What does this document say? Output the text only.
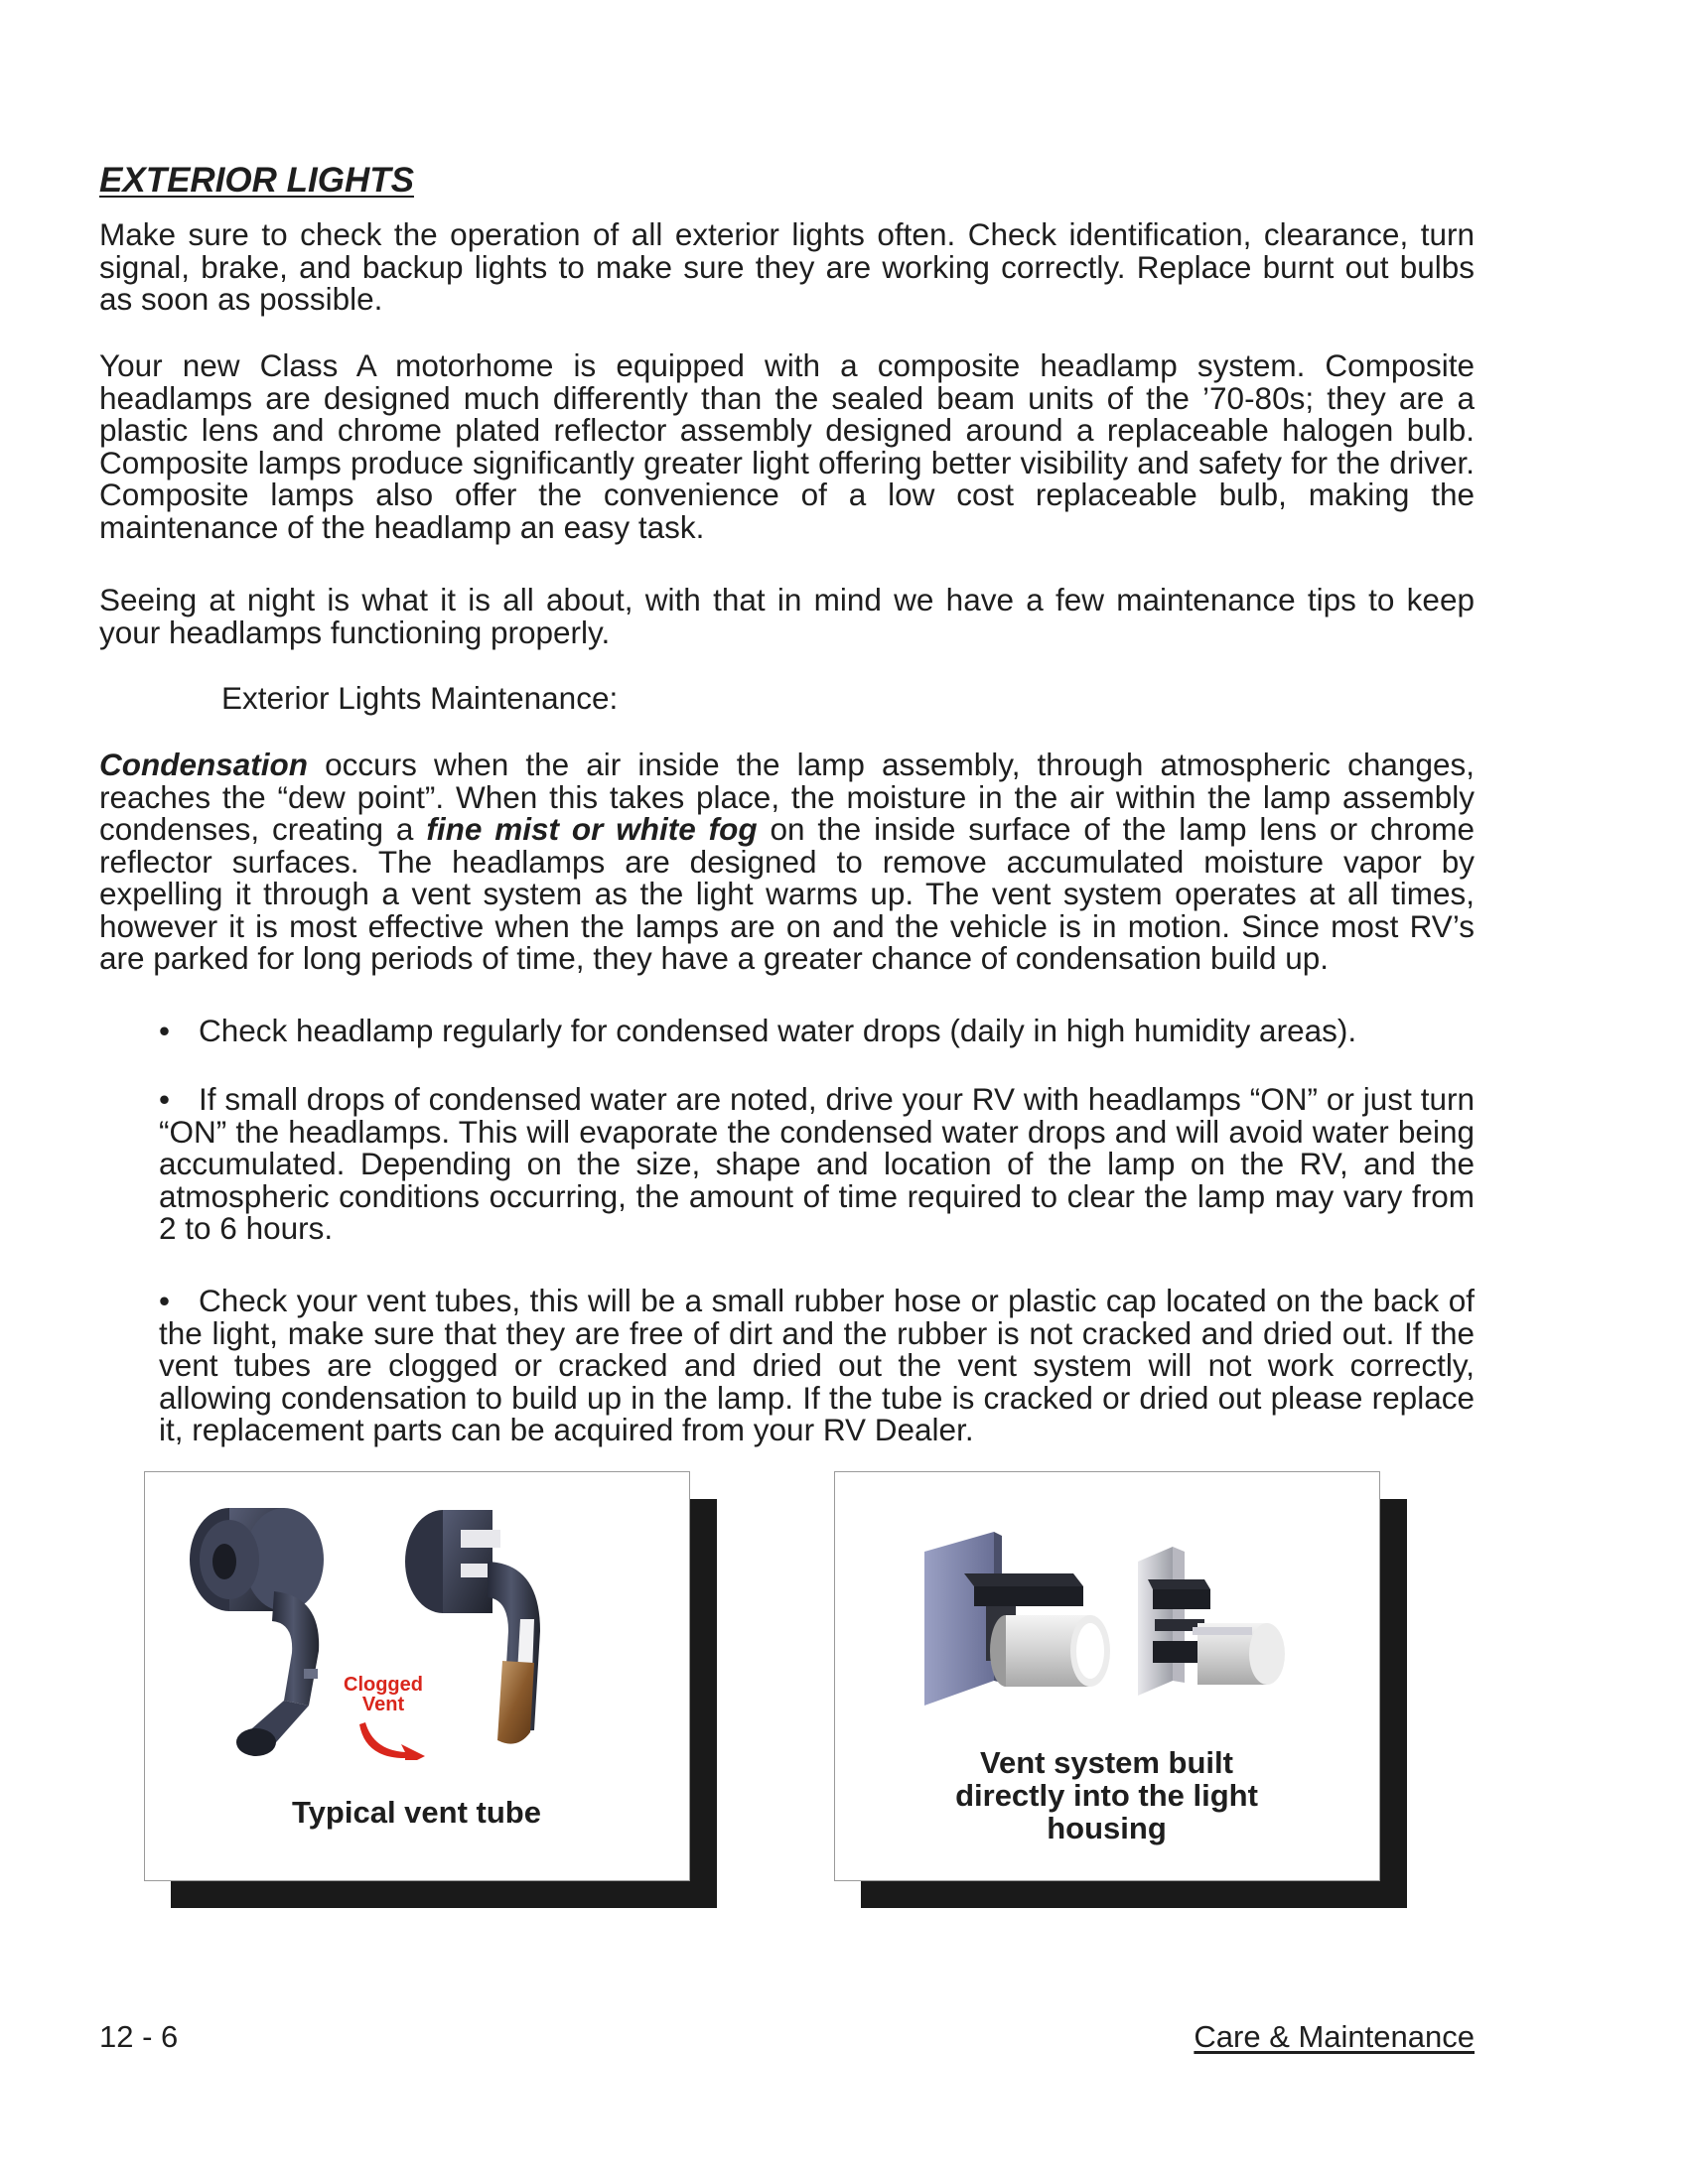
EXTERIOR LIGHTS

Make sure to check the operation of all exterior lights often. Check identification, clearance, turn signal, brake, and backup lights to make sure they are working correctly. Replace burnt out bulbs as soon as possible.

Your new Class A motorhome is equipped with a composite headlamp system. Composite headlamps are designed much differently than the sealed beam units of the ’70-80s; they are a plastic lens and chrome plated reflector assembly designed around a replaceable halogen bulb. Composite lamps produce significantly greater light offering better visibility and safety for the driver. Composite lamps also offer the convenience of a low cost replaceable bulb, making the maintenance of the headlamp an easy task.

Seeing at night is what it is all about, with that in mind we have a few maintenance tips to keep your headlamps functioning properly.

Exterior Lights Maintenance:

Condensation occurs when the air inside the lamp assembly, through atmospheric changes, reaches the “dew point”. When this takes place, the moisture in the air within the lamp assembly condenses, creating a fine mist or white fog on the inside surface of the lamp lens or chrome reflector surfaces. The headlamps are designed to remove accumulated moisture vapor by expelling it through a vent system as the light warms up. The vent system operates at all times, however it is most effective when the lamps are on and the vehicle is in motion. Since most RV’s are parked for long periods of time, they have a greater chance of condensation build up.

• Check headlamp regularly for condensed water drops (daily in high humidity areas).

• If small drops of condensed water are noted, drive your RV with headlamps “ON” or just turn “ON” the headlamps. This will evaporate the condensed water drops and will avoid water being accumulated. Depending on the size, shape and location of the lamp on the RV, and the atmospheric conditions occurring, the amount of time required to clear the lamp may vary from 2 to 6 hours.

• Check your vent tubes, this will be a small rubber hose or plastic cap located on the back of the light, make sure that they are free of dirt and the rubber is not cracked and dried out. If the vent tubes are clogged or cracked and dried out the vent system will not work correctly, allowing condensation to build up in the lamp. If the tube is cracked or dried out please replace it, replacement parts can be acquired from your RV Dealer.

Clogged
Vent
Typical vent tube
Vent system built
directly into the light
housing
12 - 6	Care & Maintenance
